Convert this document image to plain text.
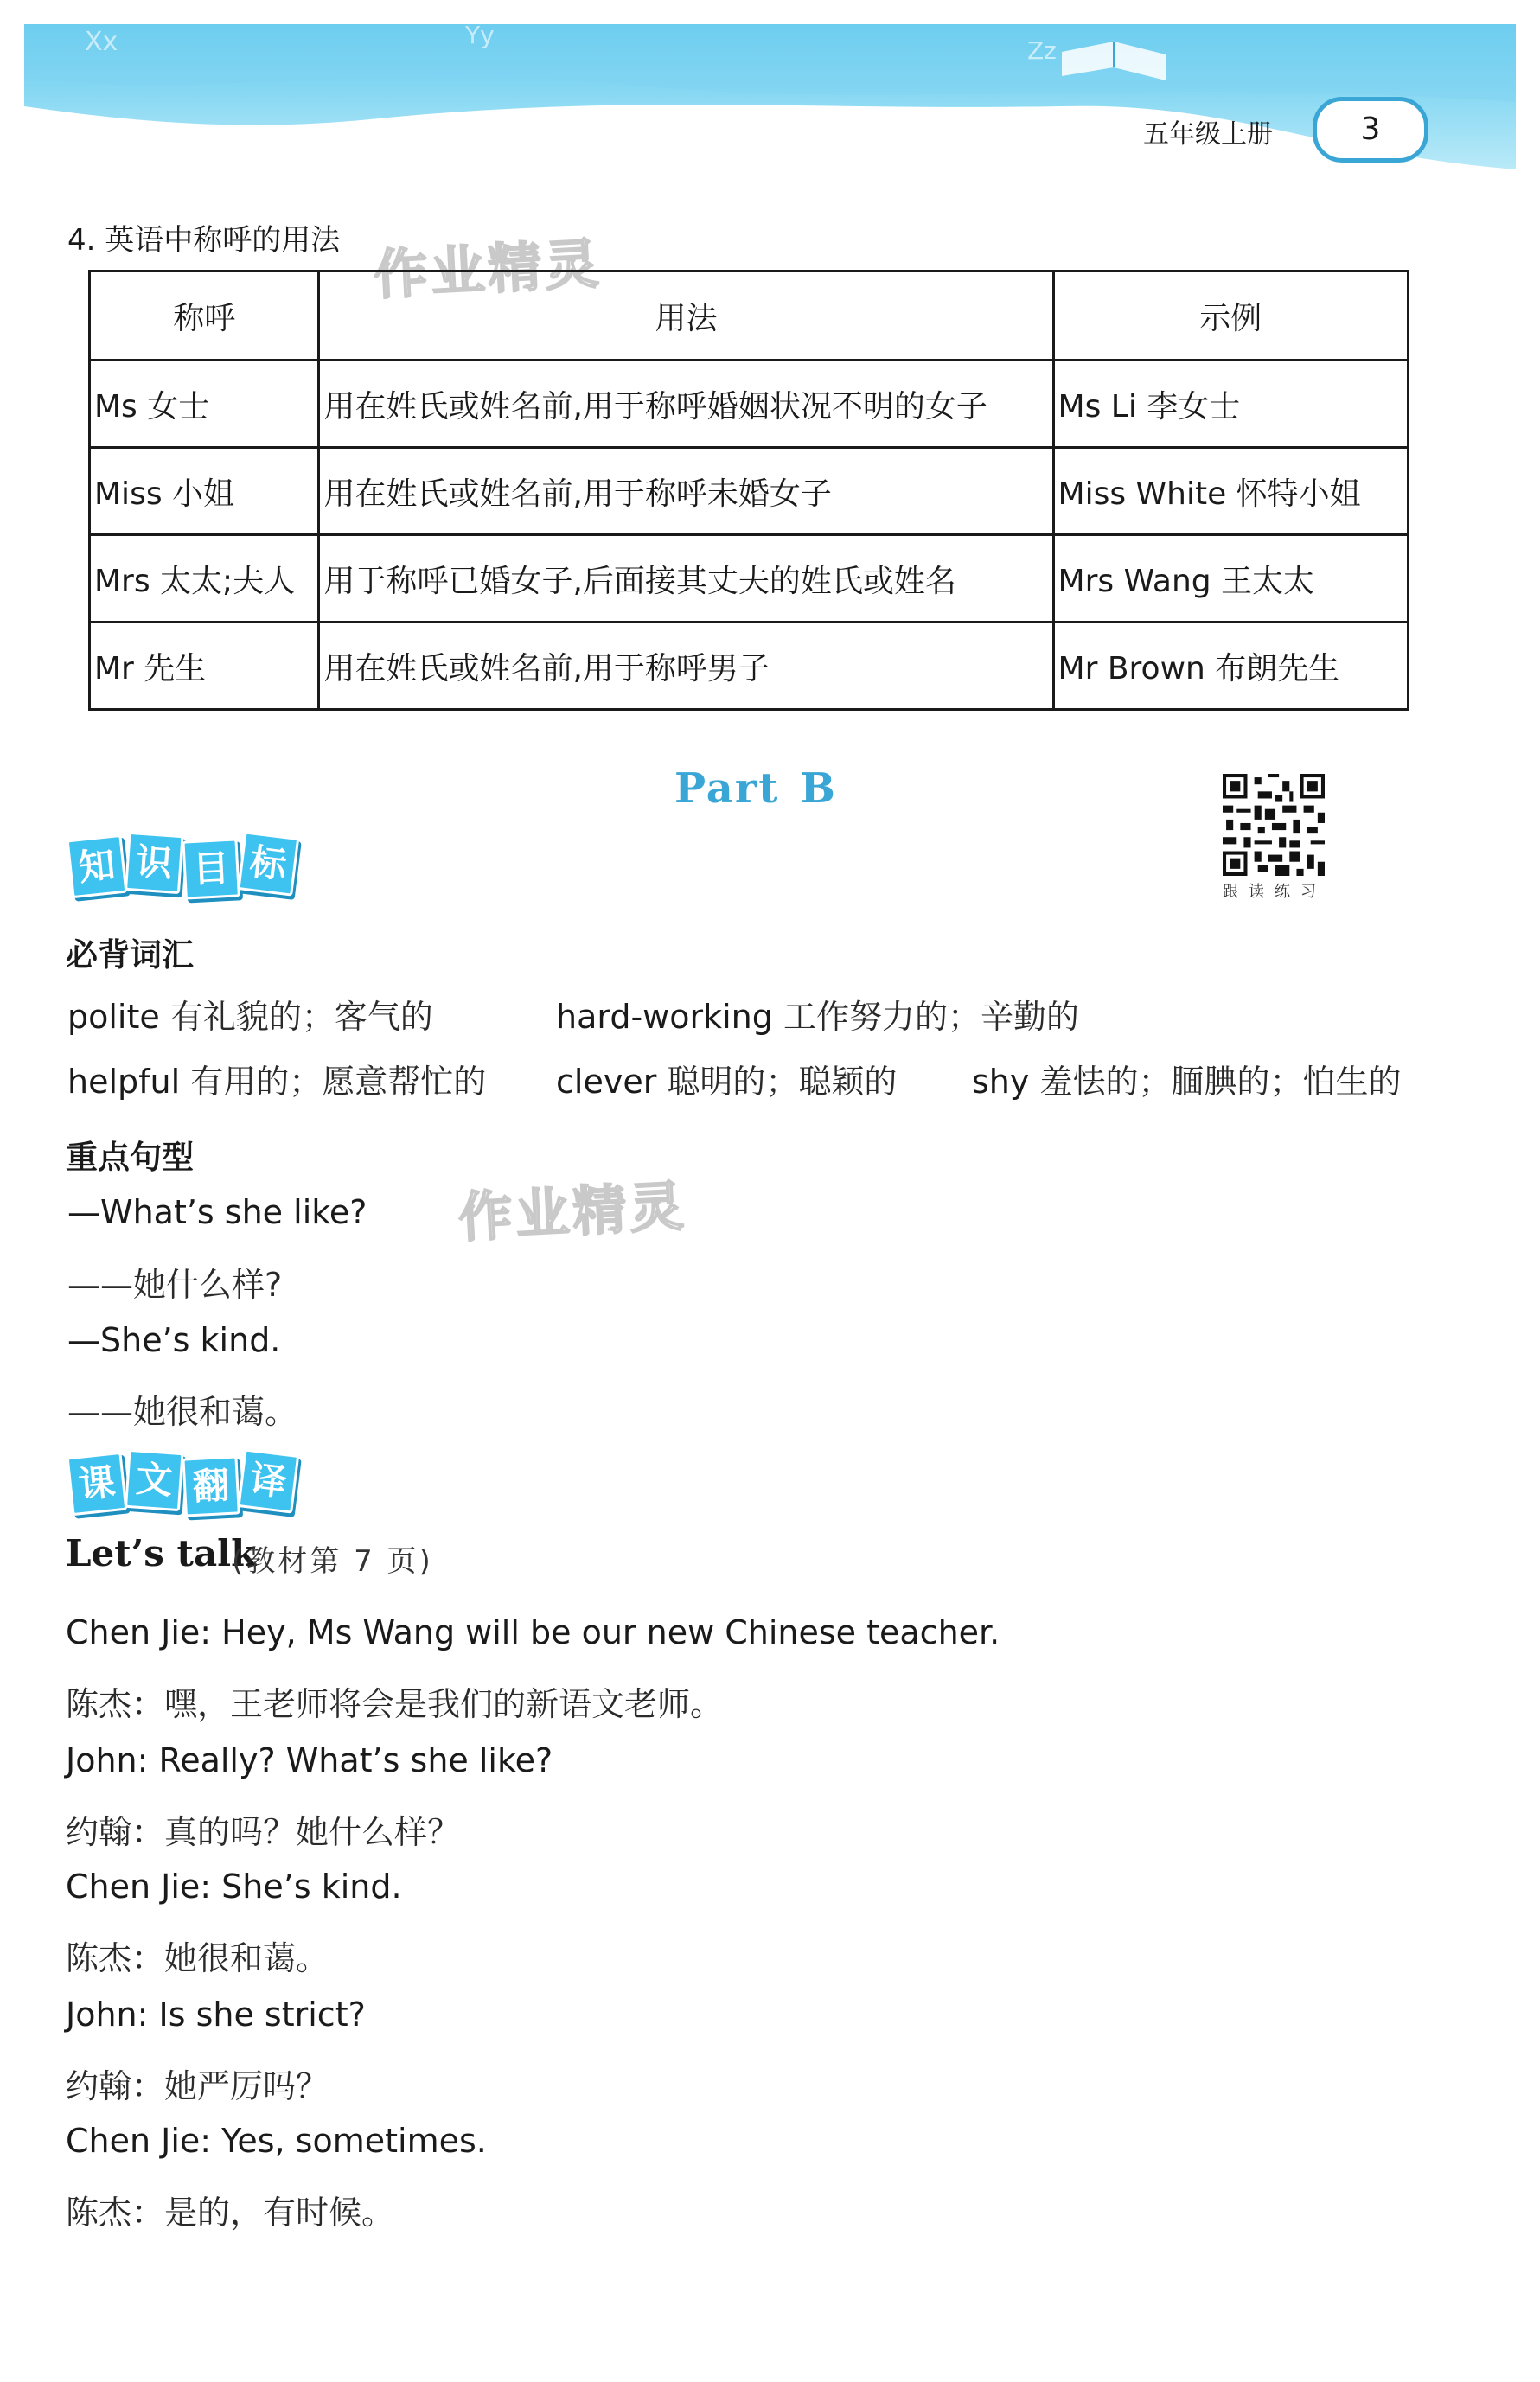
Xx	Yy
Zz
五年级上册	3
作业精灵
作业精灵
4. 英语中称呼的用法
称呼	用法	示例
Ms 女士	用在姓氏或姓名前,用于称呼婚姻状况不明的女子	Ms Li 李女士
Miss 小姐	用在姓氏或姓名前,用于称呼未婚女子	Miss White 怀特小姐
Mrs 太太;夫人	用于称呼已婚女子,后面接其丈夫的姓氏或姓名	Mrs Wang 王太太
Mr 先生	用在姓氏或姓名前,用于称呼男子	Mr Brown 布朗先生
Part B
跟读练习
知 识 目 标
必背词汇
polite 有礼貌的；客气的	hard-working 工作努力的；辛勤的
helpful 有用的；愿意帮忙的 clever 聪明的；聪颖的 shy 羞怯的；腼腆的；怕生的
重点句型
—What’s she like?
——她什么样?
—She’s kind.
——她很和蔼。
课 文 翻 译
Let’s talk
(教材第 7 页)
Chen Jie: Hey, Ms Wang will be our new Chinese teacher.
陈杰：嘿，王老师将会是我们的新语文老师。
John: Really? What’s she like?
约翰：真的吗？她什么样？
Chen Jie: She’s kind.
陈杰：她很和蔼。
John: Is she strict?
约翰：她严厉吗？
Chen Jie: Yes, sometimes.
陈杰：是的，有时候。
